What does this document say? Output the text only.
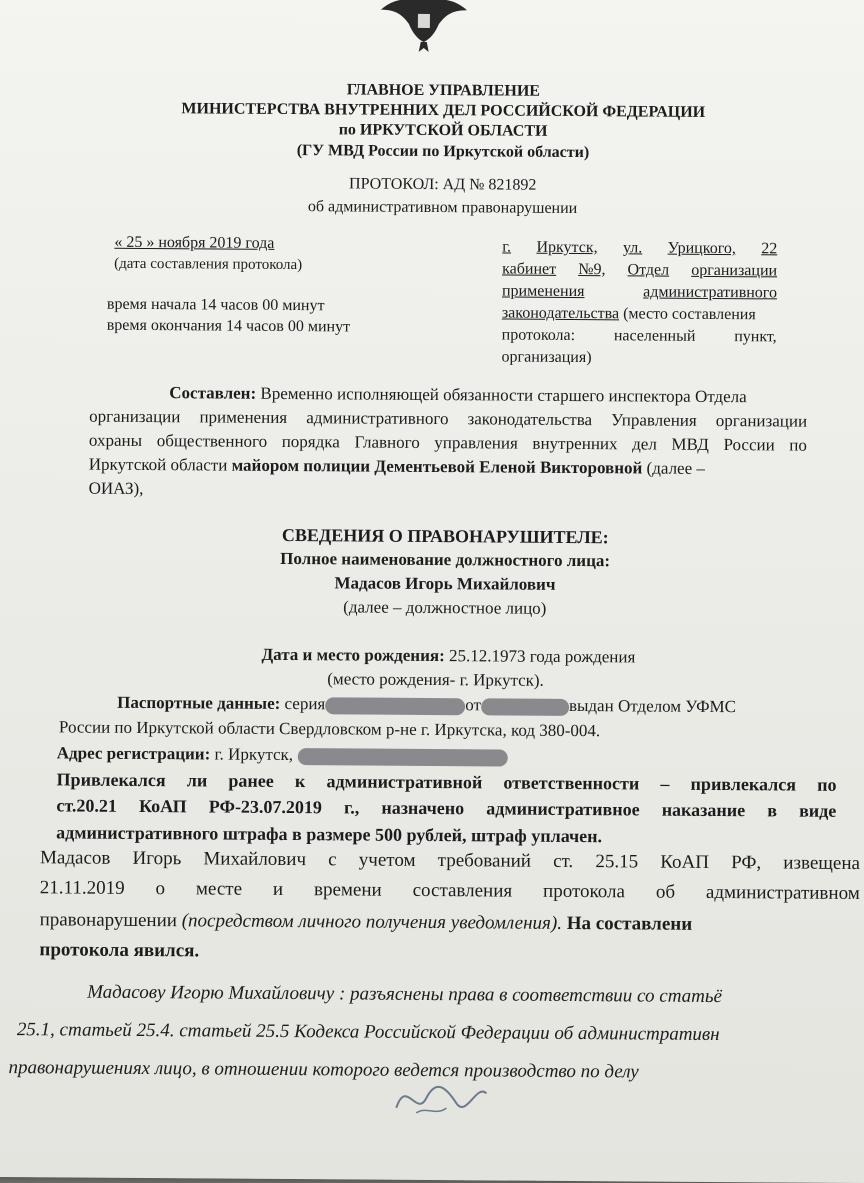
ГЛАВНОЕ УПРАВЛЕНИЕ
МИНИСТЕРСТВА ВНУТРЕННИХ ДЕЛ РОССИЙСКОЙ ФЕДЕРАЦИИ
по ИРКУТСКОЙ ОБЛАСТИ
(ГУ МВД России по Иркутской области)
ПРОТОКОЛ: АД № 821892
об административном правонарушении
« 25 » ноября 2019 года
(дата составления протокола)
время начала 14 часов 00 минут
время окончания 14 часов 00 минут
г. Иркутск, ул. Урицкого, 22
кабинет №9, Отдел организации
применения	административного
законодательства (место составления
протокола: населенный пункт,
организация)
Составлен: Временно исполняющей обязанности старшего инспектора Отдела
организации применения административного законодательства Управления организации
охраны общественного порядка Главного управления внутренних дел МВД России по
Иркутской области майором полиции Дементьевой Еленой Викторовной (далее –
ОИАЗ),
СВЕДЕНИЯ О ПРАВОНАРУШИТЕЛЕ:
Полное наименование должностного лица:
Мадасов Игорь Михайлович
(далее – должностное лицо)
Дата и место рождения: 25.12.1973 года рождения
(место рождения- г. Иркутск).
Паспортные данные: серия	от	выдан Отделом УФМС
России по Иркутской области Свердловском р-не г. Иркутска, код 380-004.
Адрес регистрации: г. Иркутск,
Привлекался ли ранее к административной ответственности – привлекался по
ст.20.21 КоАП РФ-23.07.2019 г., назначено административное наказание в виде
административного штрафа в размере 500 рублей, штраф уплачен.
Мадасов Игорь Михайлович с учетом требований ст. 25.15 КоАП РФ, извещена
21.11.2019 о месте и времени составления протокола об административном
правонарушении (посредством личного получения уведомления). На составлени
протокола явился.
Мадасову Игорю Михайловичу : разъяснены права в соответствии со статьё
25.1, статьей 25.4. статьей 25.5 Кодекса Российской Федерации об административн
правонарушениях лицо, в отношении которого ведется производство по делу
